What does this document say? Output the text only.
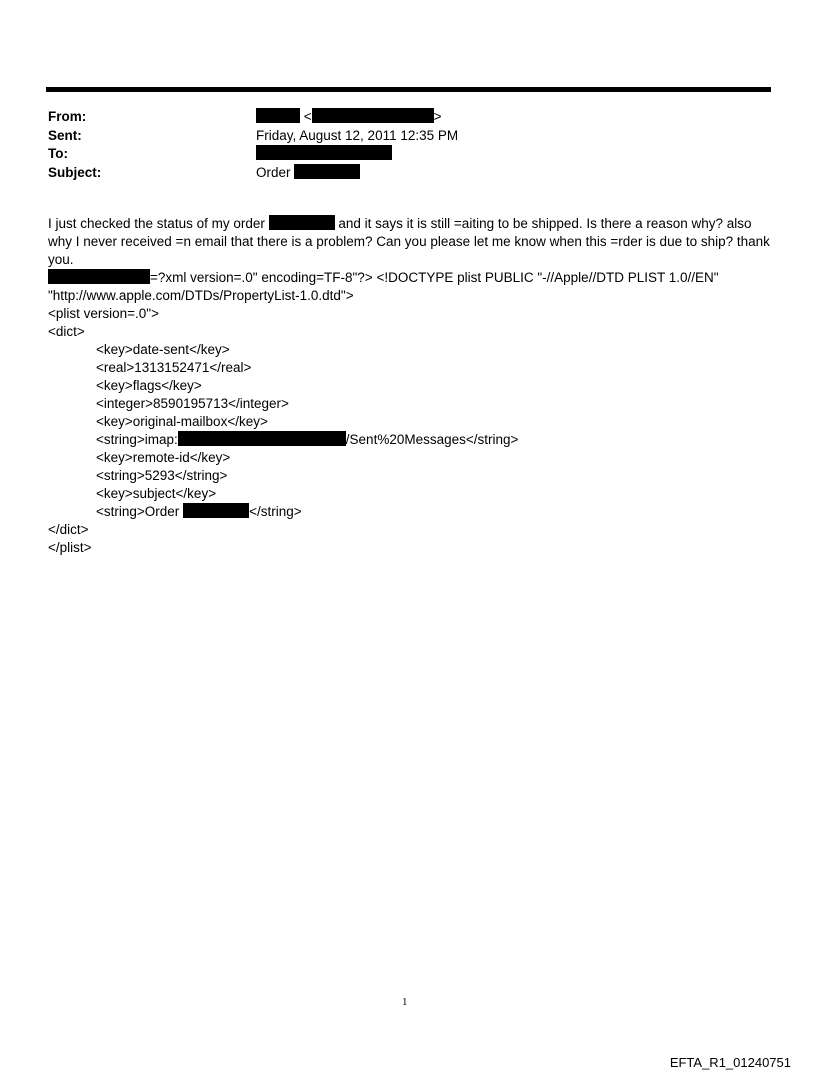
From:	<	>
Sent:	Friday, August 12, 2011 12:35 PM
To:
Subject:	Order

I just checked the status of my order	and it says it is still =aiting to be shipped. Is there a reason why? also why I never received =n email that there is a problem? Can you please let me know when this =rder is due to ship? thank you.

=?xml version=.0" encoding=TF-8"?> <!DOCTYPE plist PUBLIC "-//Apple//DTD PLIST 1.0//EN"

"http://www.apple.com/DTDs/PropertyList-1.0.dtd">

<plist version=.0">

<dict>

<key>date-sent</key>

<real>1313152471</real>

<key>flags</key>

<integer>8590195713</integer>

<key>original-mailbox</key>

<string>imap:	/Sent%20Messages</string>

<key>remote-id</key>

<string>5293</string>

<key>subject</key>

<string>Order	</string>

</dict>

</plist>

1
EFTA_R1_01240751
